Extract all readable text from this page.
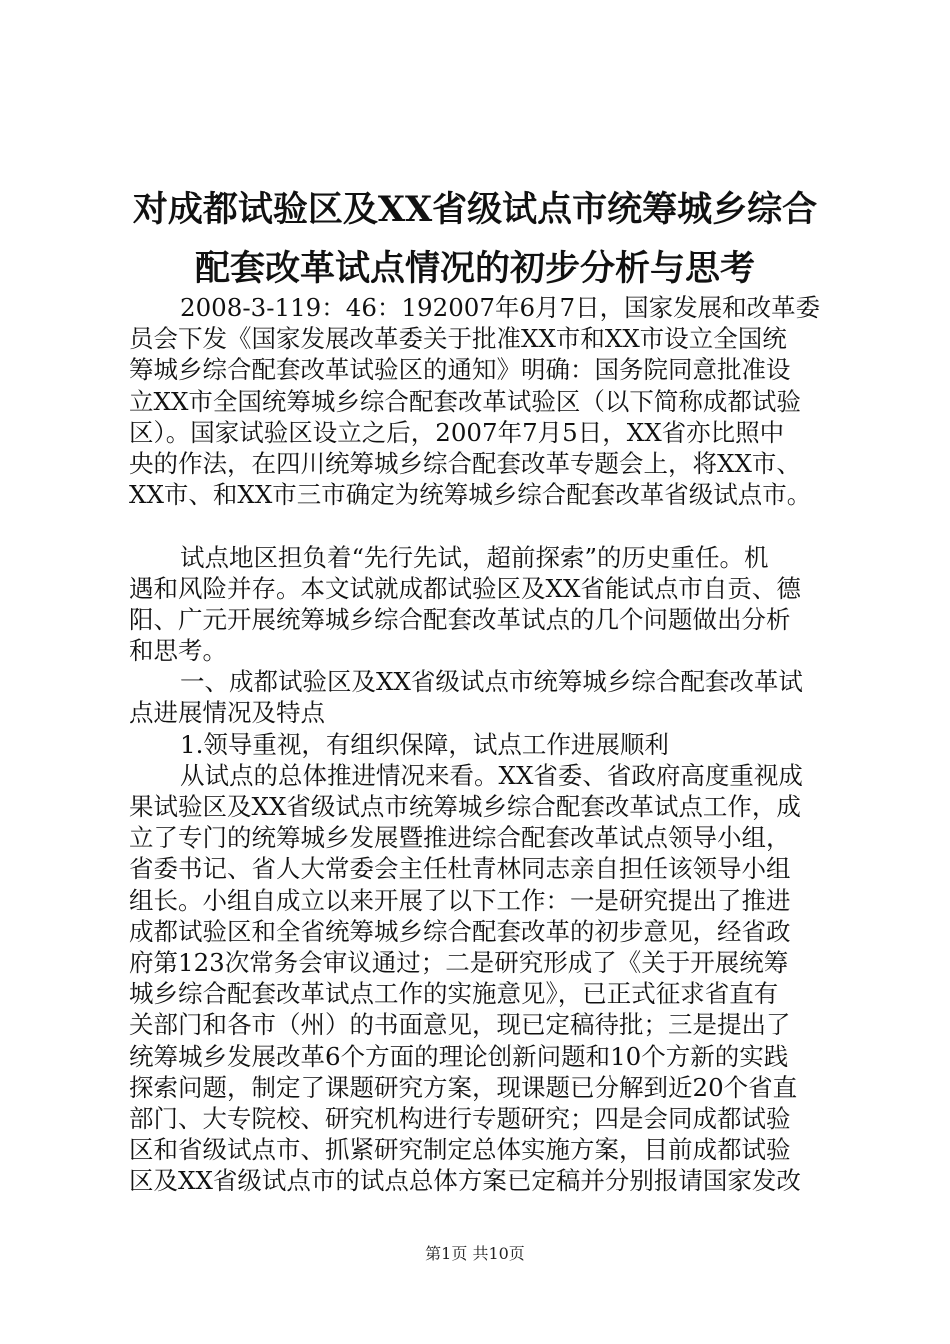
对成都试验区及XX省级试点市统筹城乡综合
配套改革试点情况的初步分析与思考
2008-3-119：46：192007年6月7日，国家发展和改革委
员会下发《国家发展改革委关于批准XX市和XX市设立全国统
筹城乡综合配套改革试验区的通知》明确：国务院同意批准设
立XX市全国统筹城乡综合配套改革试验区（以下简称成都试验
区）。国家试验区设立之后，2007年7月5日，XX省亦比照中
央的作法，在四川统筹城乡综合配套改革专题会上，将XX市、
XX市、和XX市三市确定为统筹城乡综合配套改革省级试点市。
试点地区担负着“先行先试，超前探索”的历史重任。机
遇和风险并存。本文试就成都试验区及XX省能试点市自贡、德
阳、广元开展统筹城乡综合配套改革试点的几个问题做出分析
和思考。
一、成都试验区及XX省级试点市统筹城乡综合配套改革试
点进展情况及特点
1.领导重视，有组织保障，试点工作进展顺利
从试点的总体推进情况来看。XX省委、省政府高度重视成
果试验区及XX省级试点市统筹城乡综合配套改革试点工作，成
立了专门的统筹城乡发展暨推进综合配套改革试点领导小组，
省委书记、省人大常委会主任杜青林同志亲自担任该领导小组
组长。小组自成立以来开展了以下工作：一是研究提出了推进
成都试验区和全省统筹城乡综合配套改革的初步意见，经省政
府第123次常务会审议通过；二是研究形成了《关于开展统筹
城乡综合配套改革试点工作的实施意见》，已正式征求省直有
关部门和各市（州）的书面意见，现已定稿待批；三是提出了
统筹城乡发展改革6个方面的理论创新问题和10个方新的实践
探索问题，制定了课题研究方案，现课题已分解到近20个省直
部门、大专院校、研究机构进行专题研究；四是会同成都试验
区和省级试点市、抓紧研究制定总体实施方案，目前成都试验
区及XX省级试点市的试点总体方案已定稿并分别报请国家发改
第1页 共10页
